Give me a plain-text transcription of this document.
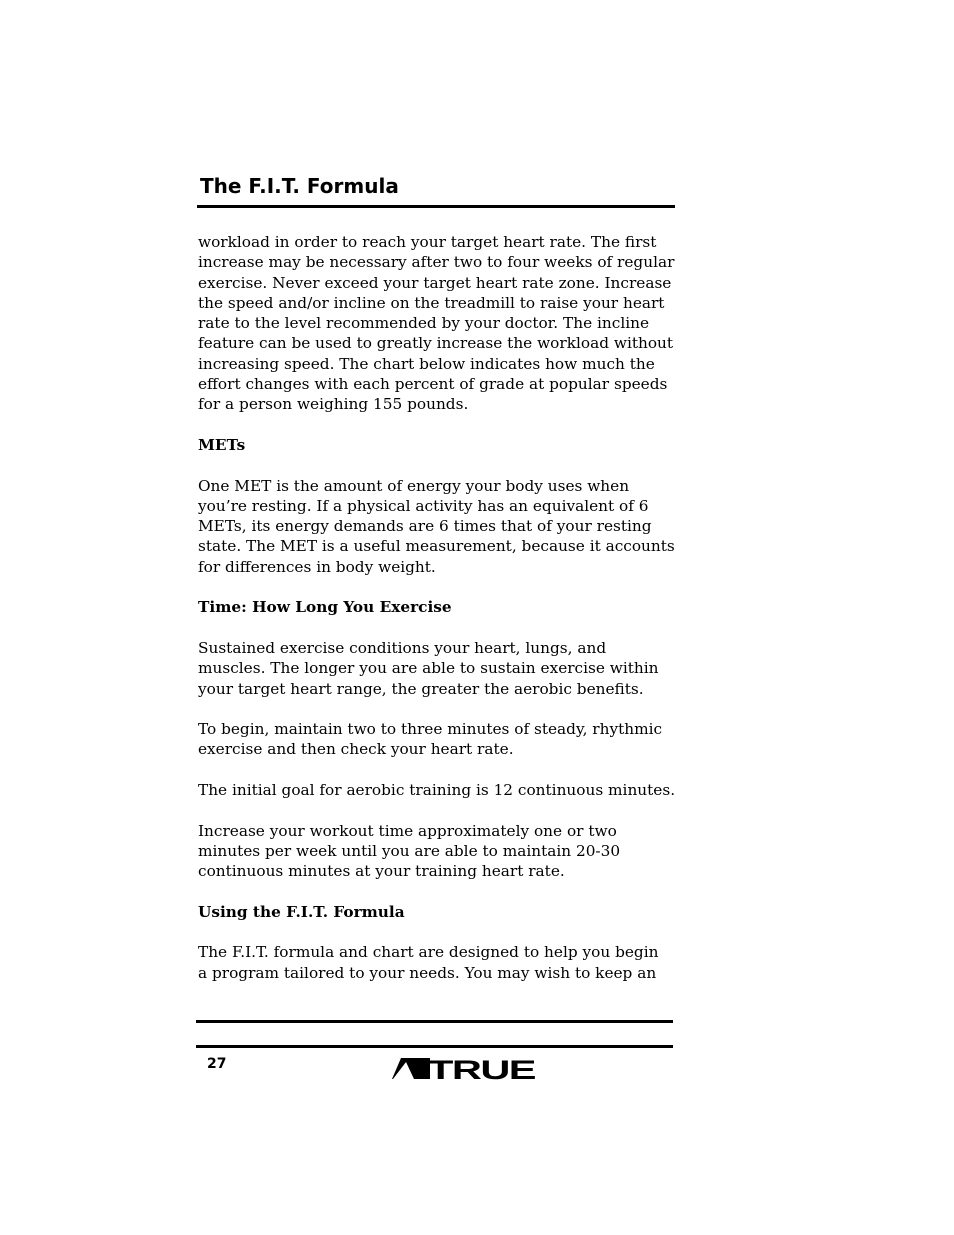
The F.I.T. Formula

workload in order to reach your target heart rate. The first
increase may be necessary after two to four weeks of regular
exercise. Never exceed your target heart rate zone. Increase
the speed and/or incline on the treadmill to raise your heart
rate to the level recommended by your doctor. The incline
feature can be used to greatly increase the workload without
increasing speed. The chart below indicates how much the
effort changes with each percent of grade at popular speeds
for a person weighing 155 pounds.

METs

One MET is the amount of energy your body uses when
you’re resting. If a physical activity has an equivalent of 6
METs, its energy demands are 6 times that of your resting
state. The MET is a useful measurement, because it accounts
for differences in body weight.

Time: How Long You Exercise

Sustained exercise conditions your heart, lungs, and
muscles. The longer you are able to sustain exercise within
your target heart range, the greater the aerobic benefits.

To begin, maintain two to three minutes of steady, rhythmic
exercise and then check your heart rate.

The initial goal for aerobic training is 12 continuous minutes.

Increase your workout time approximately one or two
minutes per week until you are able to maintain 20-30
continuous minutes at your training heart rate.

Using the F.I.T. Formula

The F.I.T. formula and chart are designed to help you begin
a program tailored to your needs. You may wish to keep an

27	TRUE
